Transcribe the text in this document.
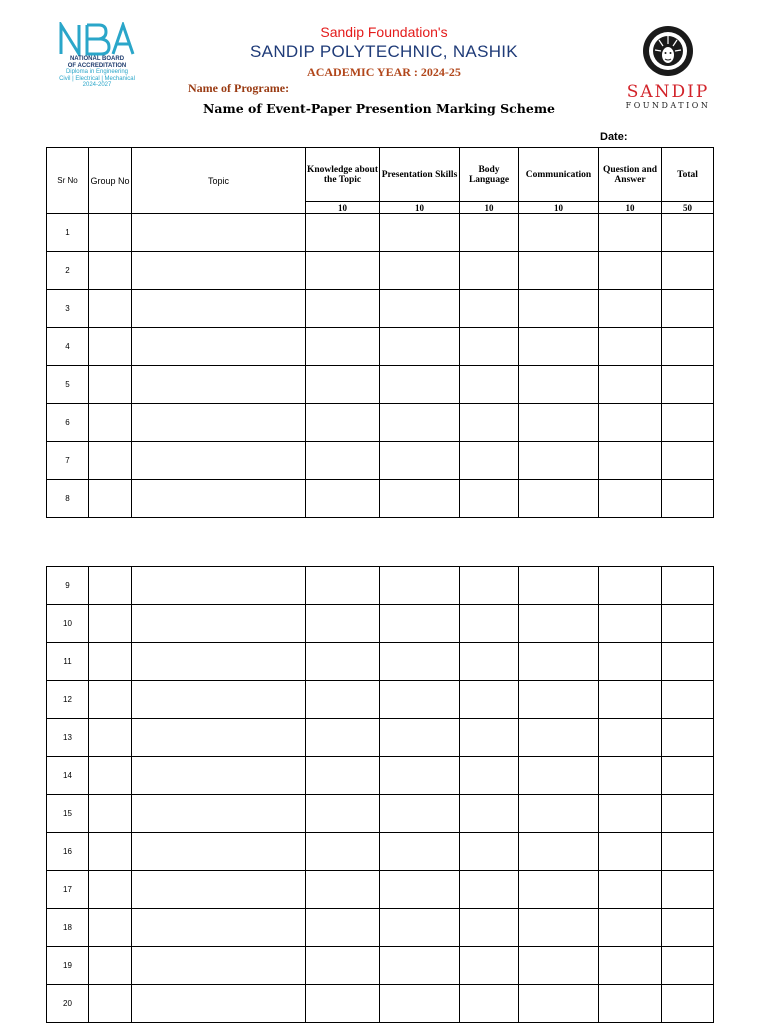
NATIONAL BOARD
OF ACCREDITATION
Diploma in Engineering
Civil | Electrical | Mechanical
2024-2027	SANDIP
FOUNDATION
Sandip Foundation's
SANDIP POLYTECHNIC, NASHIK
ACADEMIC YEAR : 2024-25
Name of Programe:
Name of Event-Paper Presention Marking Scheme
Date:
Sr No	Group No	Topic	Knowledge about the Topic	Presentation Skills	Body Language	Communication	Question and Answer	Total
			10	10	10	10	10	50
1								
2								
3								
4								
5								
6								
7								
8								
9								
10								
11								
12								
13								
14								
15								
16								
17								
18								
19								
20								
